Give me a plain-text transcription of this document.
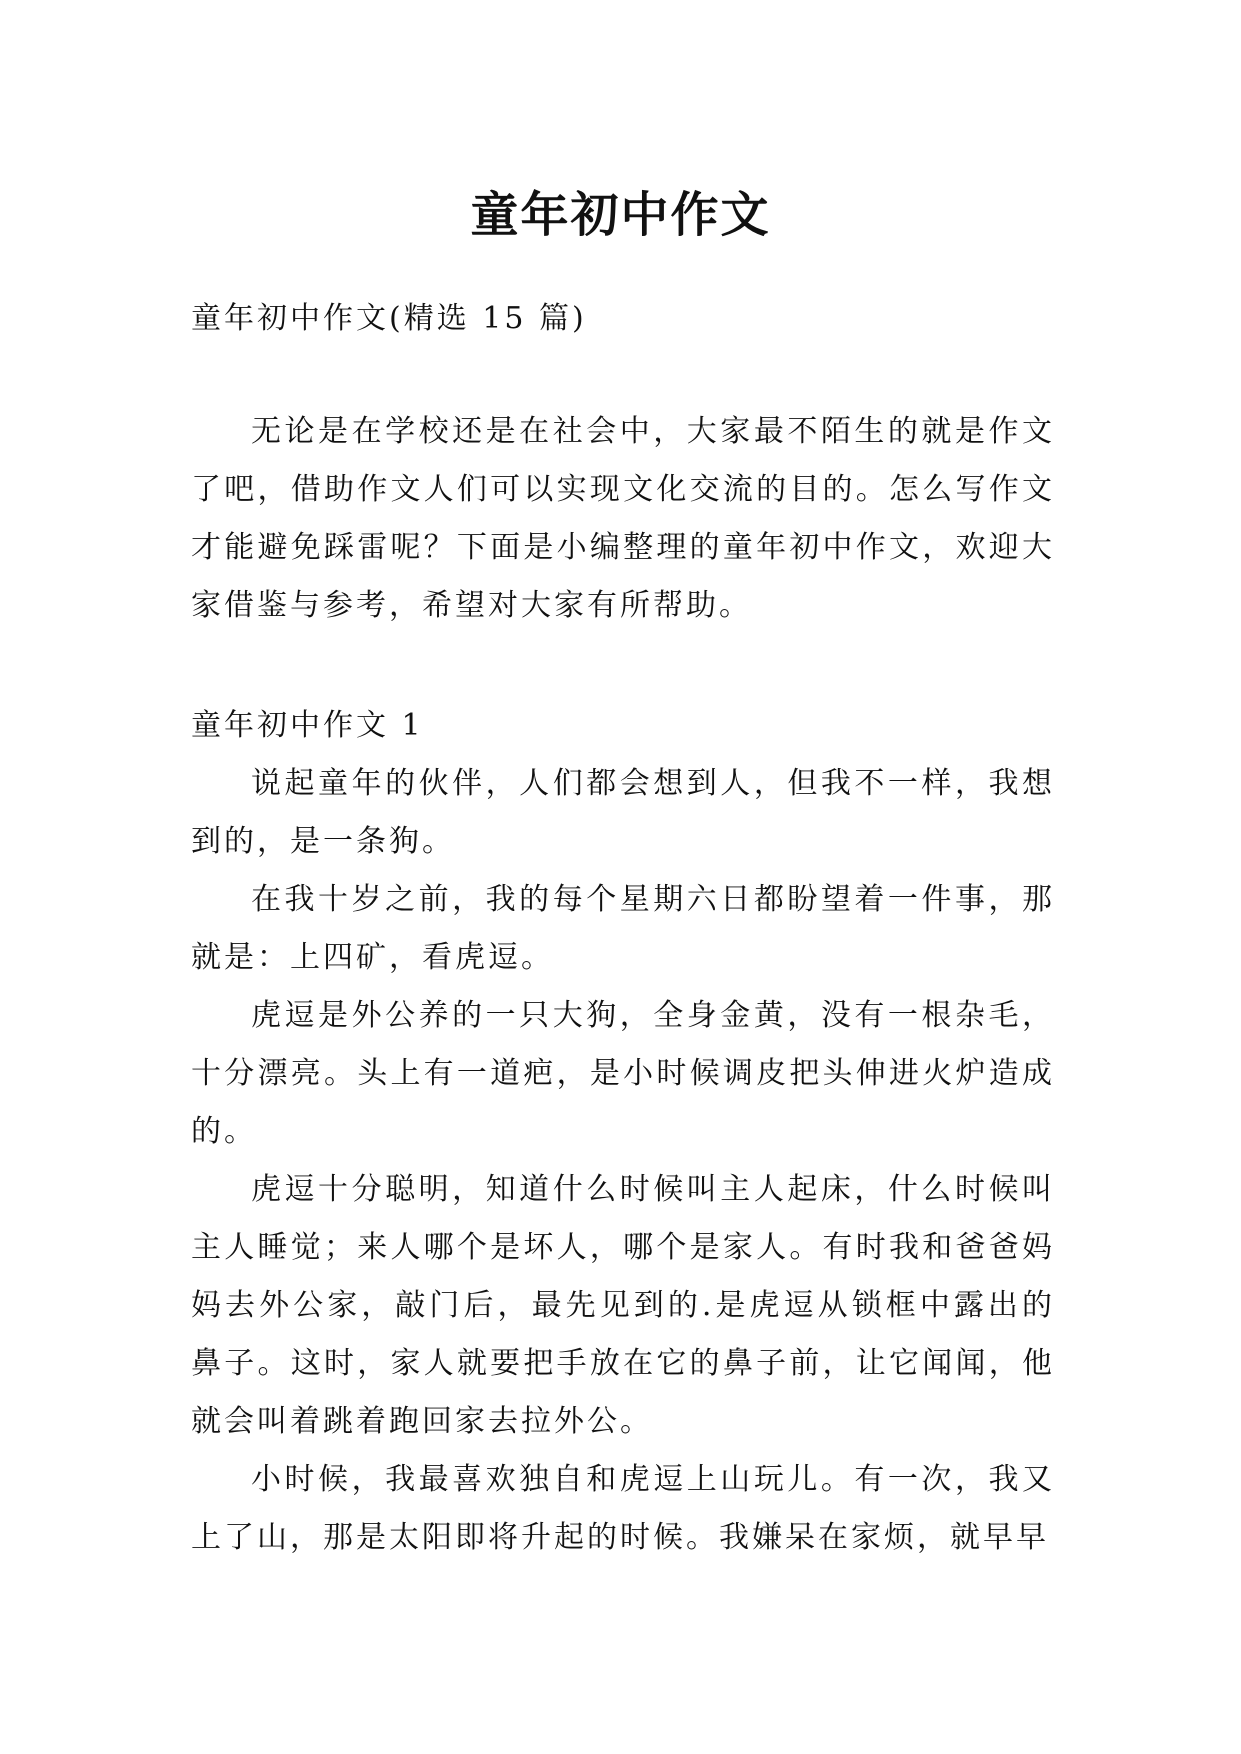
童年初中作文
童年初中作文(精选 15 篇)

无论是在学校还是在社会中，大家最不陌生的就是作文了吧，借助作文人们可以实现文化交流的目的。怎么写作文才能避免踩雷呢？下面是小编整理的童年初中作文，欢迎大家借鉴与参考，希望对大家有所帮助。

童年初中作文 1

说起童年的伙伴，人们都会想到人，但我不一样，我想到的，是一条狗。

在我十岁之前，我的每个星期六日都盼望着一件事，那就是：上四矿，看虎逗。

虎逗是外公养的一只大狗，全身金黄，没有一根杂毛，十分漂亮。头上有一道疤，是小时候调皮把头伸进火炉造成的。

虎逗十分聪明，知道什么时候叫主人起床，什么时候叫主人睡觉；来人哪个是坏人，哪个是家人。有时我和爸爸妈妈去外公家，敲门后，最先见到的.是虎逗从锁框中露出的鼻子。这时，家人就要把手放在它的鼻子前，让它闻闻，他就会叫着跳着跑回家去拉外公。

小时候，我最喜欢独自和虎逗上山玩儿。有一次，我又上了山，那是太阳即将升起的时候。我嫌呆在家烦，就早早
